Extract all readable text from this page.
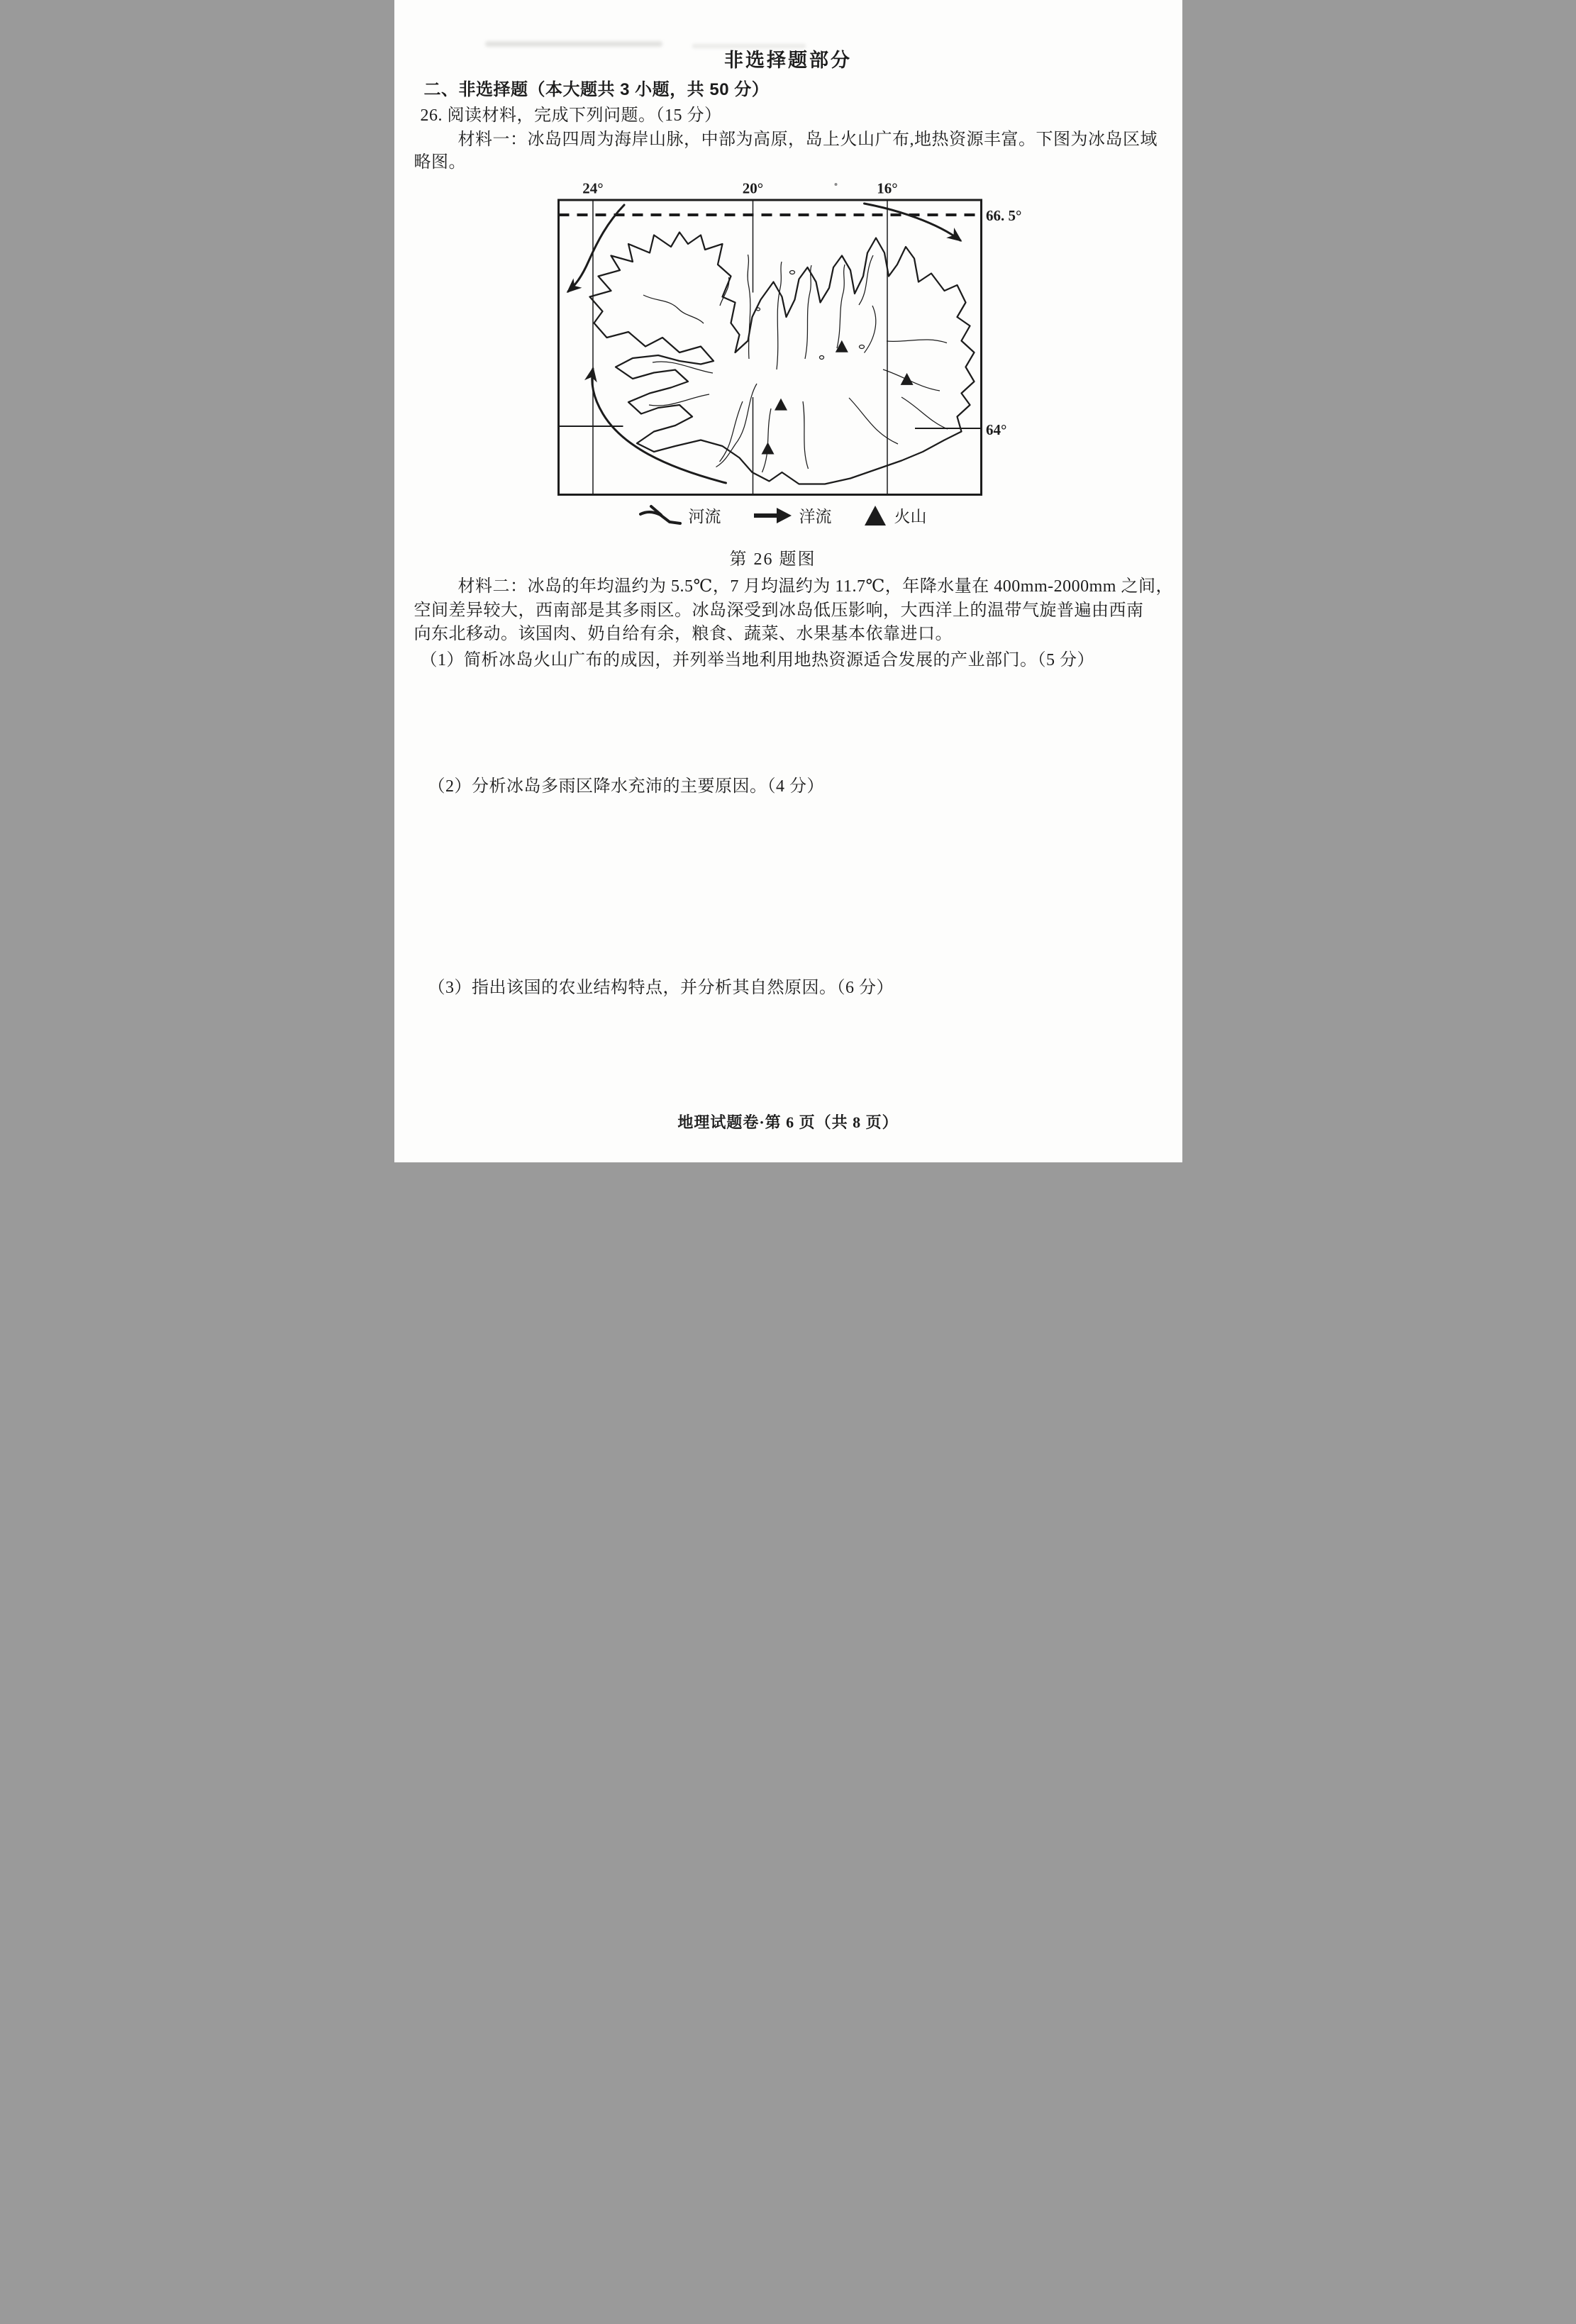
非选择题部分
二、非选择题（本大题共 3 小题，共 50 分）
26. 阅读材料，完成下列问题。（15 分）
材料一：冰岛四周为海岸山脉，中部为高原，岛上火山广布,地热资源丰富。下图为冰岛区域
略图。
24°	20°	16°
66. 5°
64°
河流	洋流	火山
第 26 题图
材料二：冰岛的年均温约为 5.5℃，7 月均温约为 11.7℃，年降水量在 400mm-2000mm 之间，
空间差异较大，西南部是其多雨区。冰岛深受到冰岛低压影响，大西洋上的温带气旋普遍由西南
向东北移动。该国肉、奶自给有余，粮食、蔬菜、水果基本依靠进口。
（1）简析冰岛火山广布的成因，并列举当地利用地热资源适合发展的产业部门。（5 分）
（2）分析冰岛多雨区降水充沛的主要原因。（4 分）
（3）指出该国的农业结构特点，并分析其自然原因。（6 分）
地理试题卷·第 6 页（共 8 页）
